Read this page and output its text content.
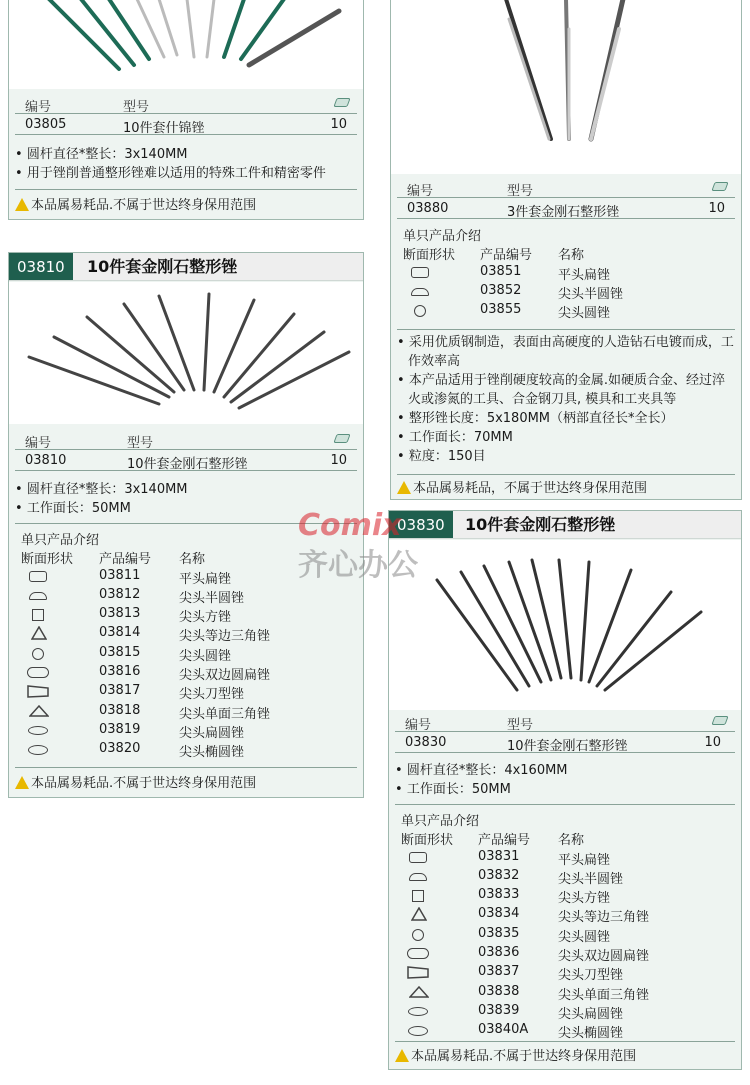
编号	型号
03805	10件套什锦锉	10
• 圆杆直径*整长：3x140MM
• 用于锉削普通整形锉难以适用的特殊工件和精密零件
本品属易耗品.不属于世达终身保用范围
编号	型号
03880	3件套金刚石整形锉	10
单只产品介绍
断面形状 产品编号 名称
03851	平头扁锉
03852	尖头半圆锉
03855	尖头圆锉
• 采用优质钢制造，表面由高硬度的人造钻石电镀而成，工作效率高
• 本产品适用于锉削硬度较高的金属.如硬质合金、经过淬火或渗氮的工具、合金钢刀具, 模具和工夹具等
• 整形锉长度：5x180MM（柄部直径长*全长）
• 工作面长：70MM
• 粒度：150目
本品属易耗品，不属于世达终身保用范围
03810	10件套金刚石整形锉
编号	型号
03810	10件套金刚石整形锉	10
• 圆杆直径*整长：3x140MM
• 工作面长：50MM
单只产品介绍
断面形状 产品编号 名称
03811	平头扁锉
03812	尖头半圆锉
03813	尖头方锉
03814	尖头等边三角锉
03815	尖头圆锉
03816	尖头双边圆扁锉
03817	尖头刀型锉
03818	尖头单面三角锉
03819	尖头扁圆锉
03820	尖头椭圆锉
本品属易耗品.不属于世达终身保用范围
03830	10件套金刚石整形锉
编号	型号
03830	10件套金刚石整形锉	10
• 圆杆直径*整长：4x160MM
• 工作面长：50MM
单只产品介绍
断面形状 产品编号 名称
03831	平头扁锉
03832	尖头半圆锉
03833	尖头方锉
03834	尖头等边三角锉
03835	尖头圆锉
03836	尖头双边圆扁锉
03837	尖头刀型锉
03838	尖头单面三角锉
03839	尖头扁圆锉
03840A 尖头椭圆锉
本品属易耗品.不属于世达终身保用范围
Comix
齐心办公
